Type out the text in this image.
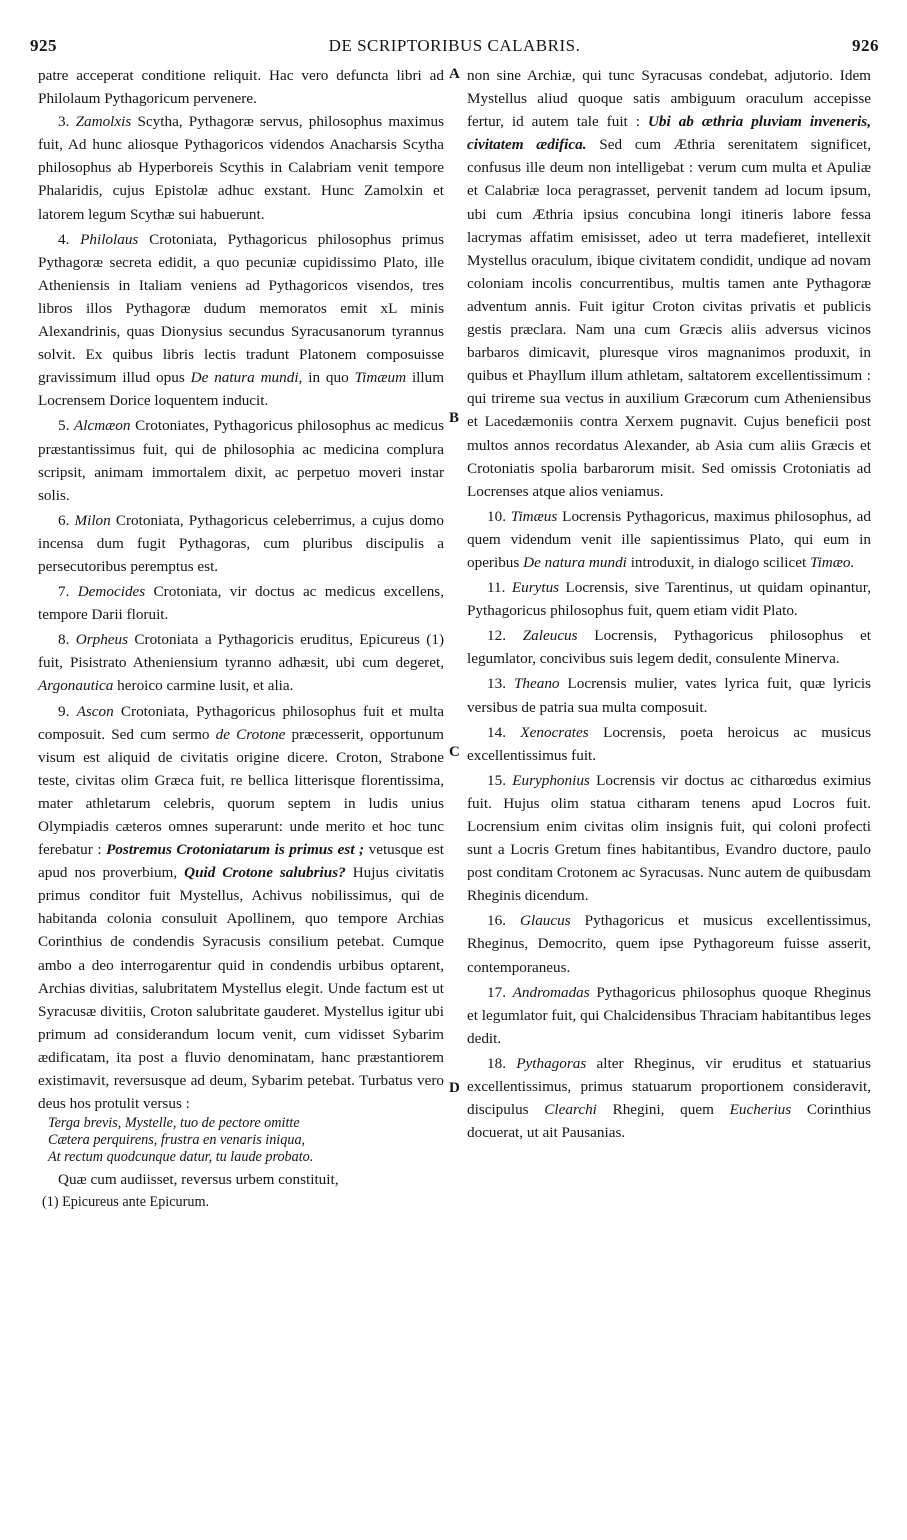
925	DE SCRIPTORIBUS CALABRIS.	926
A
B
C
D

patre acceperat conditione reliquit. Hac vero defuncta libri ad Philolaum Pythagoricum pervenere.

3. Zamolxis Scytha, Pythagoræ servus, philosophus maximus fuit, Ad hunc aliosque Pythagoricos videndos Anacharsis Scytha philosophus ab Hyperboreis Scythis in Calabriam venit tempore Phalaridis, cujus Epistolæ adhuc exstant. Hunc Zamolxin et latorem legum Scythæ sui habuerunt.

4. Philolaus Crotoniata, Pythagoricus philosophus primus Pythagoræ secreta edidit, a quo pecuniæ cupidissimo Plato, ille Atheniensis in Italiam veniens ad Pythagoricos visendos, tres libros illos Pythagoræ dudum memoratos emit xL minis Alexandrinis, quas Dionysius secundus Syracusanorum tyrannus solvit. Ex quibus libris lectis tradunt Platonem composuisse gravissimum illud opus De natura mundi, in quo Timæum illum Locrensem Dorice loquentem inducit.

5. Alcmæon Crotoniates, Pythagoricus philosophus ac medicus præstantissimus fuit, qui de philosophia ac medicina complura scripsit, animam immortalem dixit, ac perpetuo moveri instar solis.

6. Milon Crotoniata, Pythagoricus celeberrimus, a cujus domo incensa dum fugit Pythagoras, cum pluribus discipulis a persecutoribus peremptus est.

7. Democides Crotoniata, vir doctus ac medicus excellens, tempore Darii floruit.

8. Orpheus Crotoniata a Pythagoricis eruditus, Epicureus (1) fuit, Pisistrato Atheniensium tyranno adhæsit, ubi cum degeret, Argonautica heroico carmine lusit, et alia.

9. Ascon Crotoniata, Pythagoricus philosophus fuit et multa composuit. Sed cum sermo de Crotone præcesserit, opportunum visum est aliquid de civitatis origine dicere. Croton, Strabone teste, civitas olim Græca fuit, re bellica litterisque florentissima, mater athletarum celebris, quorum septem in ludis unius Olympiadis cæteros omnes superarunt: unde merito et hoc tunc ferebatur : Postremus Crotoniatarum is primus est ; vetusque est apud nos proverbium, Quid Crotone salubrius? Hujus civitatis primus conditor fuit Mystellus, Achivus nobilissimus, qui de habitanda colonia consuluit Apollinem, quo tempore Archias Corinthius de condendis Syracusis consilium petebat. Cumque ambo a deo interrogarentur quid in condendis urbibus optarent, Archias divitias, salubritatem Mystellus elegit. Unde factum est ut Syracusæ divitiis, Croton salubritate gauderet. Mystellus igitur ubi primum ad considerandum locum venit, cum vidisset Sybarim ædificatam, ita post a fluvio denominatam, hanc præstantiorem existimavit, reversusque ad deum, Sybarim petebat. Turbatus vero deus hos protulit versus :

Terga brevis, Mystelle, tuo de pectore omitte
Cætera perquirens, frustra en venaris iniqua,
At rectum quodcunque datur, tu laude probato.

Quæ cum audiisset, reversus urbem constituit,

(1) Epicureus ante Epicurum.

non sine Archiæ, qui tunc Syracusas condebat, adjutorio. Idem Mystellus aliud quoque satis ambiguum oraculum accepisse fertur, id autem tale fuit : Ubi ab æthria pluviam inveneris, civitatem ædifica. Sed cum Æthria serenitatem significet, confusus ille deum non intelligebat : verum cum multa et Apuliæ et Calabriæ loca peragrasset, pervenit tandem ad locum ipsum, ubi cum Æthria ipsius concubina longi itineris labore fessa lacrymas affatim emisisset, adeo ut terra madefieret, intellexit Mystellus oraculum, ibique civitatem condidit, undique ad novam coloniam incolis concurrentibus, multis tamen ante Pythagoræ adventum annis. Fuit igitur Croton civitas privatis et publicis gestis præclara. Nam una cum Græcis aliis adversus vicinos barbaros dimicavit, pluresque viros magnanimos produxit, in quibus et Phayllum illum athletam, saltatorem excellentissimum : qui trireme sua vectus in auxilium Græcorum cum Atheniensibus et Lacedæmoniis contra Xerxem pugnavit. Cujus beneficii post multos annos recordatus Alexander, ab Asia cum aliis Græcis et Crotoniatis spolia barbarorum misit. Sed omissis Crotoniatis ad Locrenses atque alios veniamus.

10. Timæus Locrensis Pythagoricus, maximus philosophus, ad quem videndum venit ille sapientissimus Plato, qui eum in operibus De natura mundi introduxit, in dialogo scilicet Timæo.

11. Eurytus Locrensis, sive Tarentinus, ut quidam opinantur, Pythagoricus philosophus fuit, quem etiam vidit Plato.

12. Zaleucus Locrensis, Pythagoricus philosophus et legumlator, concivibus suis legem dedit, consulente Minerva.

13. Theano Locrensis mulier, vates lyrica fuit, quæ lyricis versibus de patria sua multa composuit.

14. Xenocrates Locrensis, poeta heroicus ac musicus excellentissimus fuit.

15. Euryphonius Locrensis vir doctus ac citharœdus eximius fuit. Hujus olim statua citharam tenens apud Locros fuit. Locrensium enim civitas olim insignis fuit, qui coloni profecti sunt a Locris Gretum fines habitantibus, Evandro ductore, paulo post conditam Crotonem ac Syracusas. Nunc autem de quibusdam Rheginis dicendum.

16. Glaucus Pythagoricus et musicus excellentissimus, Rheginus, Democrito, quem ipse Pythagoreum fuisse asserit, contemporaneus.

17. Andromadas Pythagoricus philosophus quoque Rheginus et legumlator fuit, qui Chalcidensibus Thraciam habitantibus leges dedit.

18. Pythagoras alter Rheginus, vir eruditus et statuarius excellentissimus, primus statuarum proportionem consideravit, discipulus Clearchi Rhegini, quem Eucherius Corinthius docuerat, ut ait Pausanias.
